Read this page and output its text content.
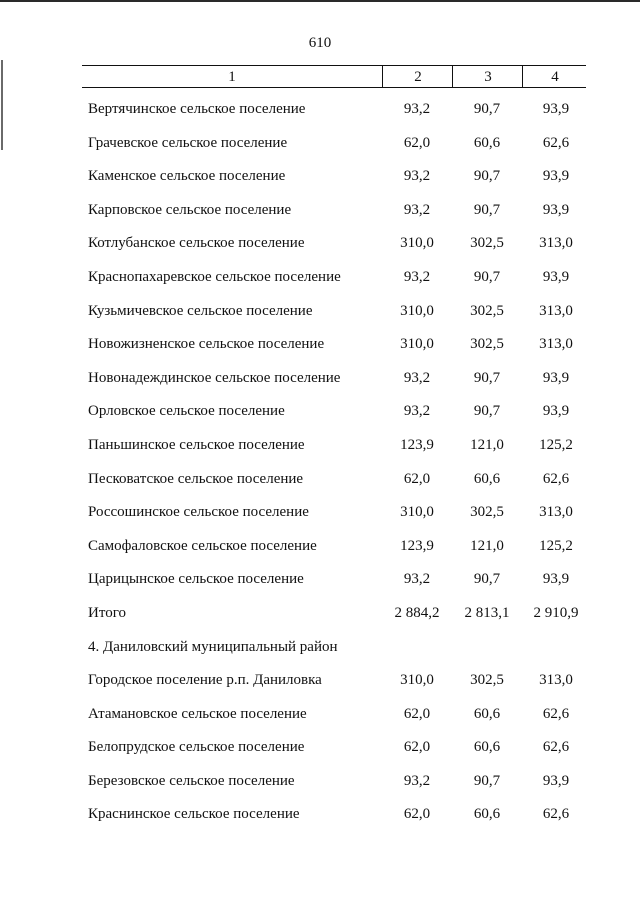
610
1	2	3	4
Вертячинское сельское поселение	93,2	90,7	93,9
Грачевское сельское поселение	62,0	60,6	62,6
Каменское сельское поселение	93,2	90,7	93,9
Карповское сельское поселение	93,2	90,7	93,9
Котлубанское сельское поселение	310,0	302,5	313,0
Краснопахаревское сельское поселение	93,2	90,7	93,9
Кузьмичевское сельское поселение	310,0	302,5	313,0
Новожизненское сельское поселение	310,0	302,5	313,0
Новонадеждинское сельское поселение	93,2	90,7	93,9
Орловское сельское поселение	93,2	90,7	93,9
Паньшинское сельское поселение	123,9	121,0	125,2
Песковатское сельское поселение	62,0	60,6	62,6
Россошинское сельское поселение	310,0	302,5	313,0
Самофаловское сельское поселение	123,9	121,0	125,2
Царицынское сельское поселение	93,2	90,7	93,9
Итого	2 884,2	2 813,1	2 910,9
4. Даниловский муниципальный район
Городское поселение р.п. Даниловка	310,0	302,5	313,0
Атамановское сельское поселение	62,0	60,6	62,6
Белопрудское сельское поселение	62,0	60,6	62,6
Березовское сельское поселение	93,2	90,7	93,9
Краснинское сельское поселение	62,0	60,6	62,6
